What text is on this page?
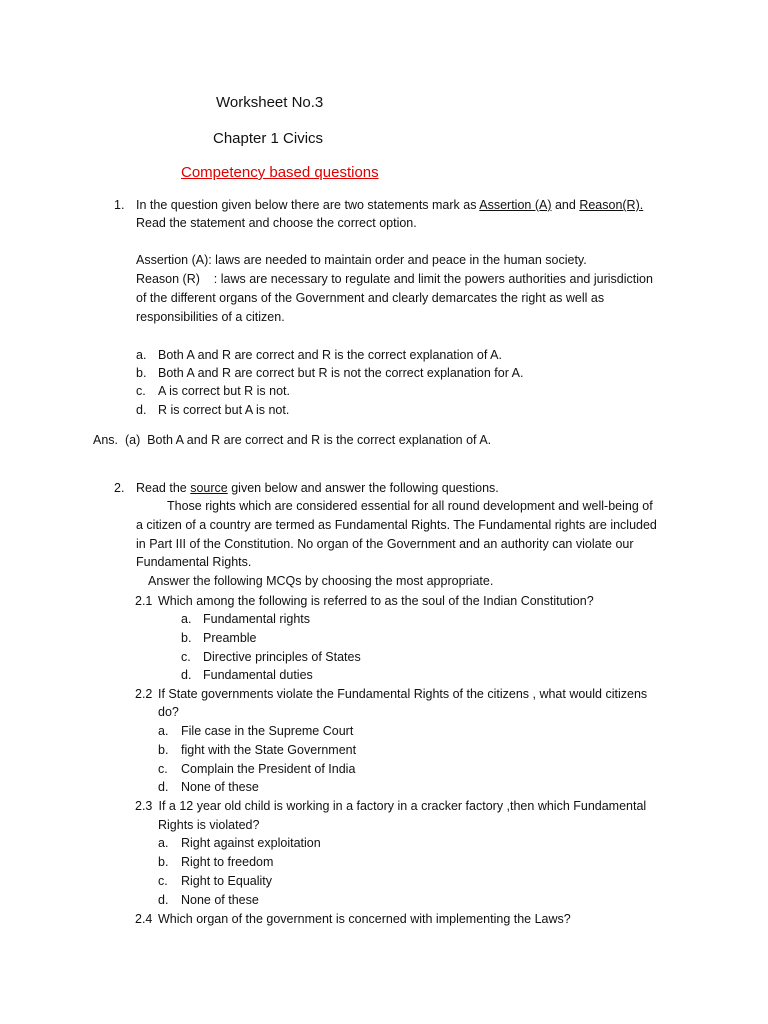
Worksheet No.3
Chapter 1 Civics
Competency based questions
1. In the question given below there are two statements mark as Assertion (A) and Reason(R).
Read the statement and choose the correct option.
Assertion (A): laws are needed to maintain order and peace in the human society.
Reason (R)    : laws are necessary to regulate and limit the powers authorities and jurisdiction
of the different organs of the Government and clearly demarcates the right as well as
responsibilities of a citizen.
a. Both A and R are correct and R is the correct explanation of A.
b. Both A and R are correct but R is not the correct explanation for A.
c. A is correct but R is not.
d. R is correct but A is not.
Ans.  (a)  Both A and R are correct and R is the correct explanation of A.
2. Read the source given below and answer the following questions.
Those rights which are considered essential for all round development and well-being of
a citizen of a country are termed as Fundamental Rights. The Fundamental rights are included
in Part III of the Constitution. No organ of the Government and an authority can violate our
Fundamental Rights.
Answer the following MCQs by choosing the most appropriate.
2.1 Which among the following is referred to as the soul of the Indian Constitution?
a. Fundamental rights
b. Preamble
c. Directive principles of States
d. Fundamental duties
2.2 If State governments violate the Fundamental Rights of the citizens , what would citizens
do?
a. File case in the Supreme Court
b. fight with the State Government
c. Complain the President of India
d. None of these
2.3 If a 12 year old child is working in a factory in a cracker factory ,then which Fundamental
Rights is violated?
a. Right against exploitation
b. Right to freedom
c. Right to Equality
d. None of these
2.4 Which organ of the government is concerned with implementing the Laws?
